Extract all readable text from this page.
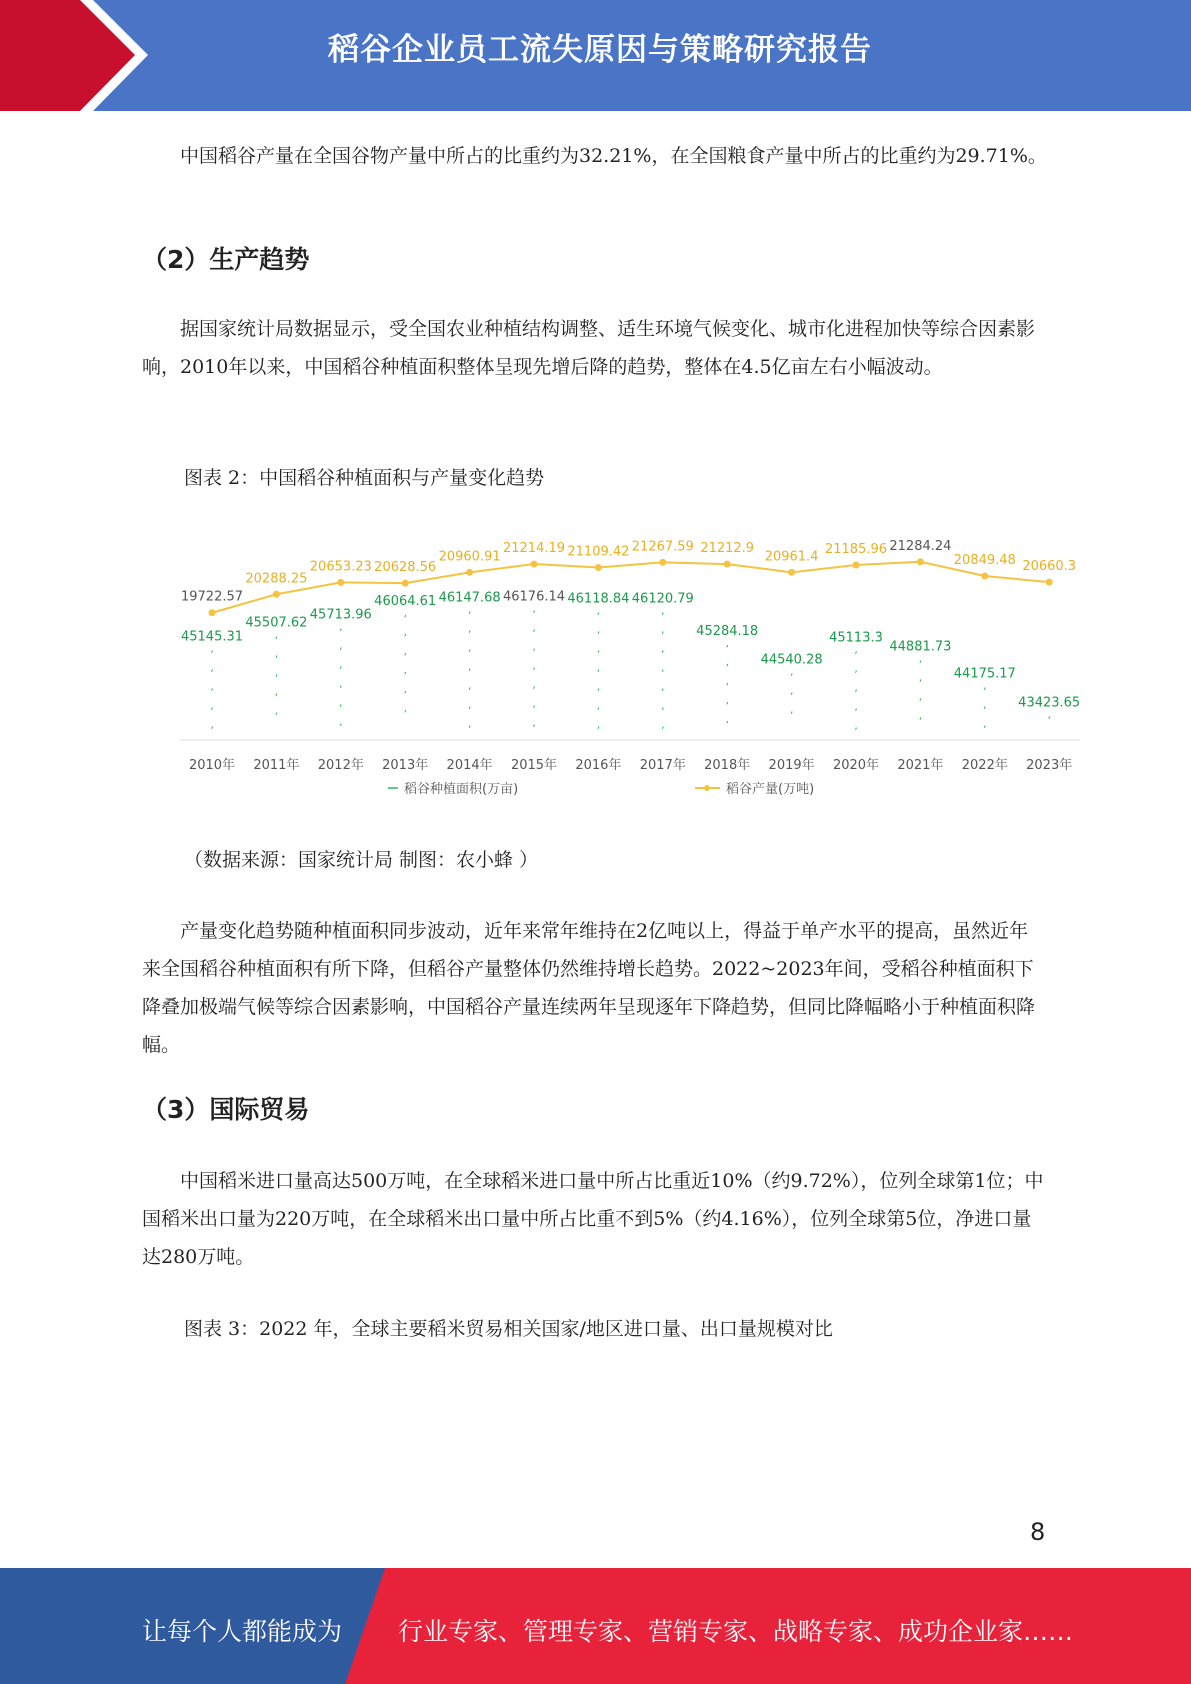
稻谷企业员工流失原因与策略研究报告

中国稻谷产量在全国谷物产量中所占的比重约为32.21%，在全国粮食产量中所占的比重约为29.71%。

（2）生产趋势

据国家统计局数据显示，受全国农业种植结构调整、适生环境气候变化、城市化进程加快等综合因素影响，2010年以来，中国稻谷种植面积整体呈现先增后降的趋势，整体在4.5亿亩左右小幅波动。

图表 2：中国稻谷种植面积与产量变化趋势

ʼ
ʼ
ʼ
ʼ
ʼ
45145.31	ʼ
ʼ
ʼ
ʼ
ʼ
45507.62
ʼ
ʼ
ʼ
ʼ
ʼ
ʼ
45713.96	ʼ
ʼ
ʼ
ʼ
ʼ
ʼ
46064.61
ʼ
ʼ
ʼ
ʼ
ʼ
ʼ
ʼ
46147.68
ʼ
ʼ
ʼ
ʼ
ʼ
ʼ
ʼ
46176.14
ʼ
ʼ
ʼ
ʼ
ʼ
ʼ
ʼ
46118.84
ʼ
ʼ
ʼ
ʼ
ʼ
ʼ
ʼ
46120.79
ʼ
ʼ
ʼ
ʼ
ʼ
45284.18
ʼ
ʼ
ʼ
44540.28	ʼ
ʼ
ʼ
ʼ
ʼ
45113.3
ʼ
ʼ
ʼ
ʼ
44881.73
ʼ
ʼ
ʼ
44175.17
ʼ
43423.65
19722.57
20288.25
20653.23 20628.56
20960.91
21214.19 21109.42 21267.59 21212.9
20961.4 21185.96 21284.24
20849.48 20660.3
2010年 2011年 2012年 2013年 2014年 2015年 2016年 2017年 2018年 2019年 2020年 2021年 2022年 2023年
稻谷种植面积(万亩)	稻谷产量(万吨)

（数据来源：国家统计局 制图：农小蜂 ）

产量变化趋势随种植面积同步波动，近年来常年维持在2亿吨以上，得益于单产水平的提高，虽然近年来全国稻谷种植面积有所下降，但稻谷产量整体仍然维持增长趋势。2022~2023年间，受稻谷种植面积下降叠加极端气候等综合因素影响，中国稻谷产量连续两年呈现逐年下降趋势，但同比降幅略小于种植面积降幅。

（3）国际贸易

中国稻米进口量高达500万吨，在全球稻米进口量中所占比重近10%（约9.72%），位列全球第1位；中国稻米出口量为220万吨，在全球稻米出口量中所占比重不到5%（约4.16%），位列全球第5位，净进口量达280万吨。

图表 3：2022 年，全球主要稻米贸易相关国家/地区进口量、出口量规模对比

8
让每个人都能成为 行业专家、管理专家、营销专家、战略专家、成功企业家……
